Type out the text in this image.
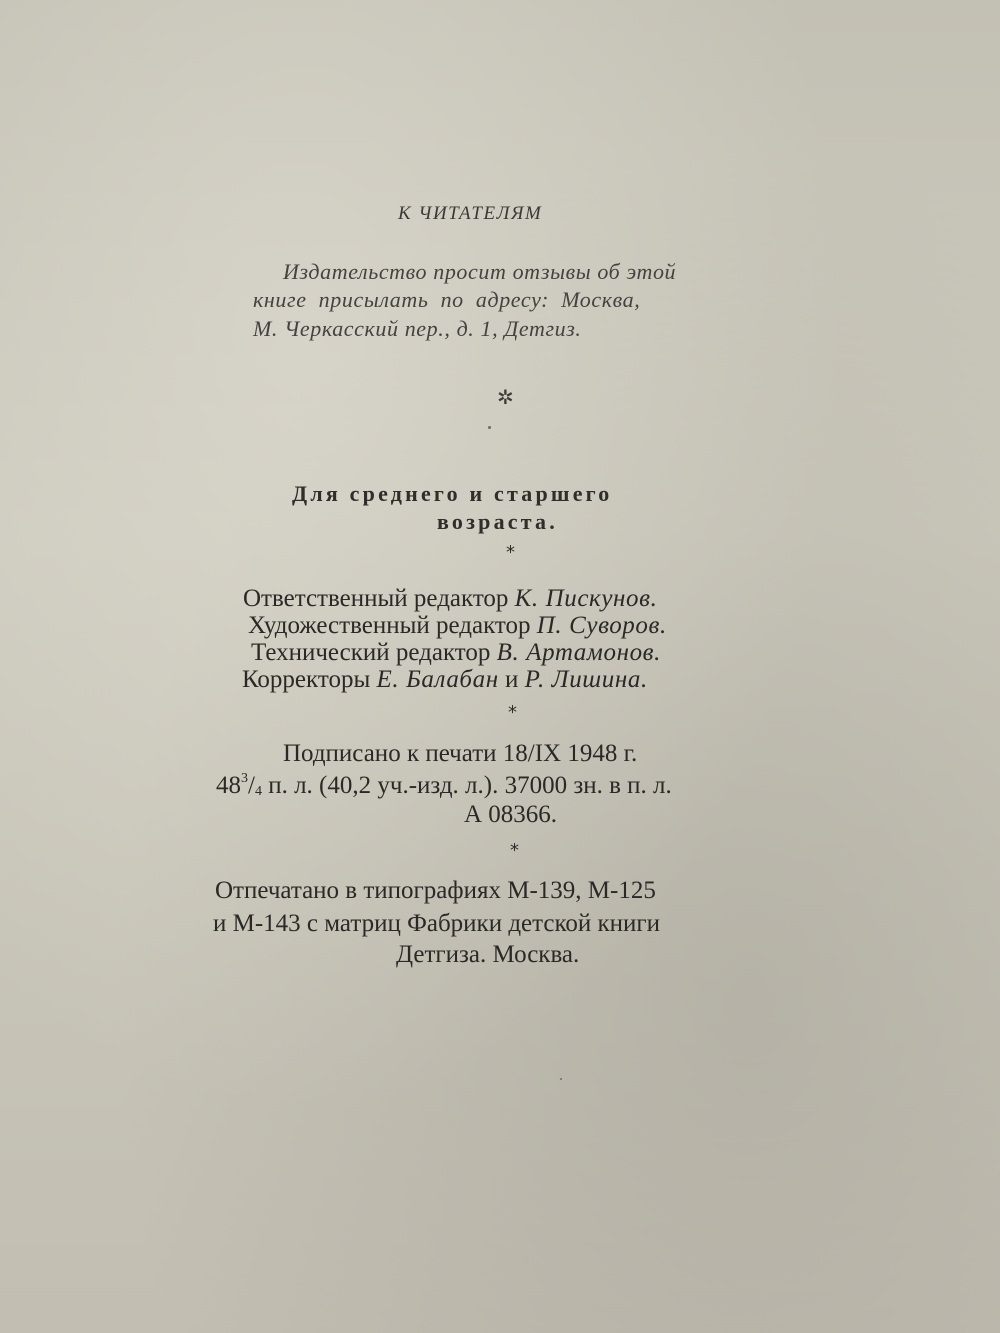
К ЧИТАТЕЛЯМ
Издательство просит отзывы об этой
книге присылать по адресу: Москва,
М. Черкасский пер., д. 1, Детгиз.
✲
Для среднего и старшего
возраста.
*
Ответственный редактор К. Пискунов.
Художественный редактор П. Суворов.
Технический редактор В. Артамонов.
Корректоры Е. Балабан и Р. Лишина.
*
Подписано к печати 18/IX 1948 г.
$48^3/_4$ п. л. (40,2 уч.-изд. л.). 37000 зн. в п. л.
А 08366.
*
Отпечатано в типографиях М-139, М-125
и М-143 с матриц Фабрики детской книги
Детгиза. Москва.
